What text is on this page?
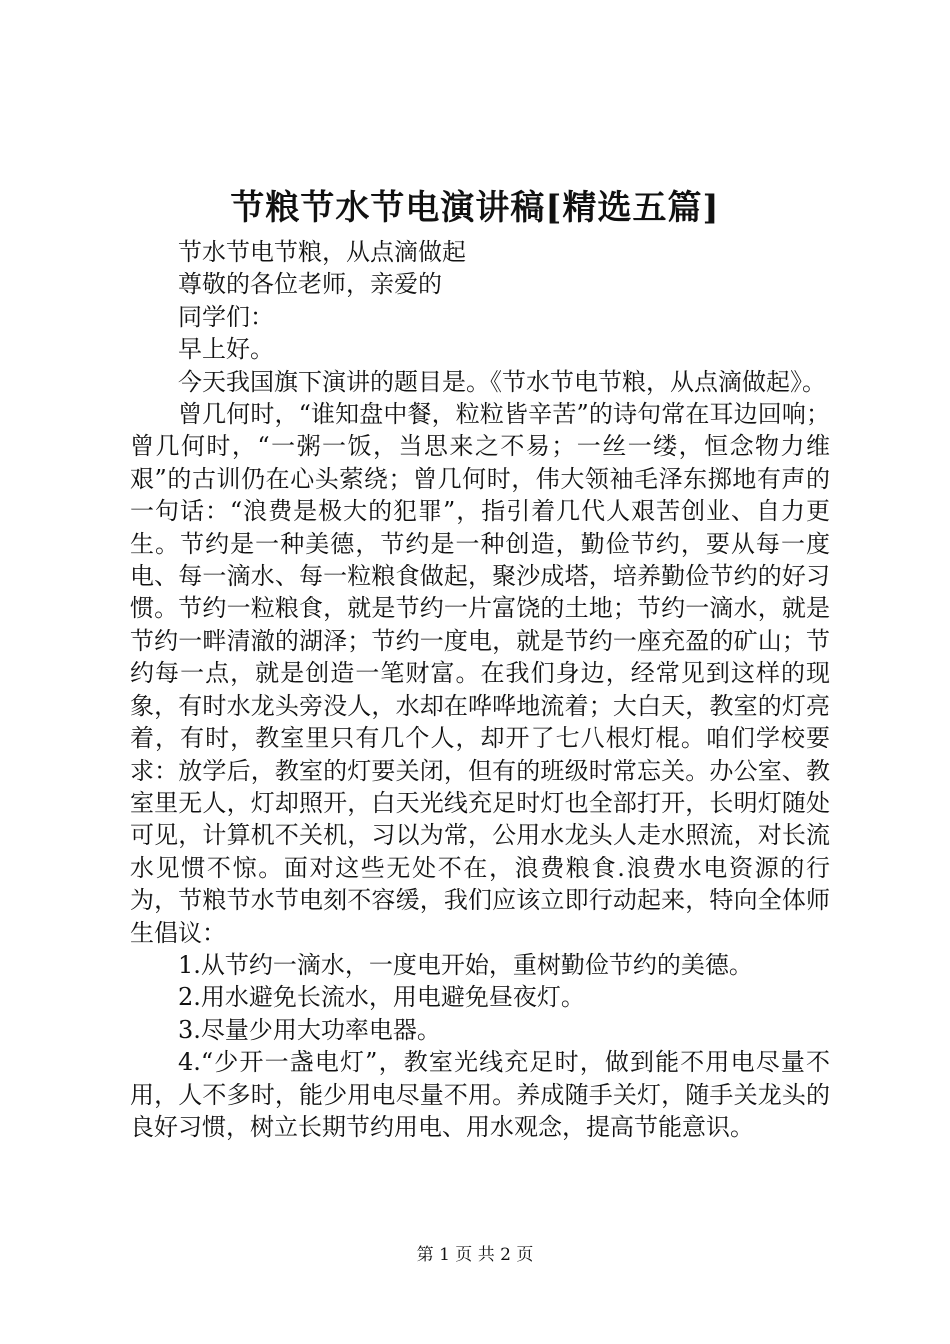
节粮节水节电演讲稿[精选五篇]

节水节电节粮，从点滴做起

尊敬的各位老师，亲爱的

同学们：

早上好。

今天我国旗下演讲的题目是。《节水节电节粮，从点滴做起》。

曾几何时，“谁知盘中餐，粒粒皆辛苦”的诗句常在耳边回响；曾几何时，“一粥一饭，当思来之不易；一丝一缕，恒念物力维艰”的古训仍在心头萦绕；曾几何时，伟大领袖毛泽东掷地有声的一句话：“浪费是极大的犯罪”，指引着几代人艰苦创业、自力更生。节约是一种美德，节约是一种创造，勤俭节约，要从每一度电、每一滴水、每一粒粮食做起，聚沙成塔，培养勤俭节约的好习惯。节约一粒粮食，就是节约一片富饶的土地；节约一滴水，就是节约一畔清澈的湖泽；节约一度电，就是节约一座充盈的矿山；节约每一点，就是创造一笔财富。在我们身边，经常见到这样的现象，有时水龙头旁没人，水却在哗哗地流着；大白天，教室的灯亮着，有时，教室里只有几个人，却开了七八根灯棍。咱们学校要求：放学后，教室的灯要关闭，但有的班级时常忘关。办公室、教室里无人，灯却照开，白天光线充足时灯也全部打开，长明灯随处可见，计算机不关机，习以为常，公用水龙头人走水照流，对长流水见惯不惊。面对这些无处不在，浪费粮食.浪费水电资源的行为，节粮节水节电刻不容缓，我们应该立即行动起来，特向全体师生倡议：

1.从节约一滴水，一度电开始，重树勤俭节约的美德。

2.用水避免长流水，用电避免昼夜灯。

3.尽量少用大功率电器。

4.“少开一盏电灯”，教室光线充足时，做到能不用电尽量不用，人不多时，能少用电尽量不用。养成随手关灯，随手关龙头的良好习惯，树立长期节约用电、用水观念，提高节能意识。

第 1 页 共 2 页
